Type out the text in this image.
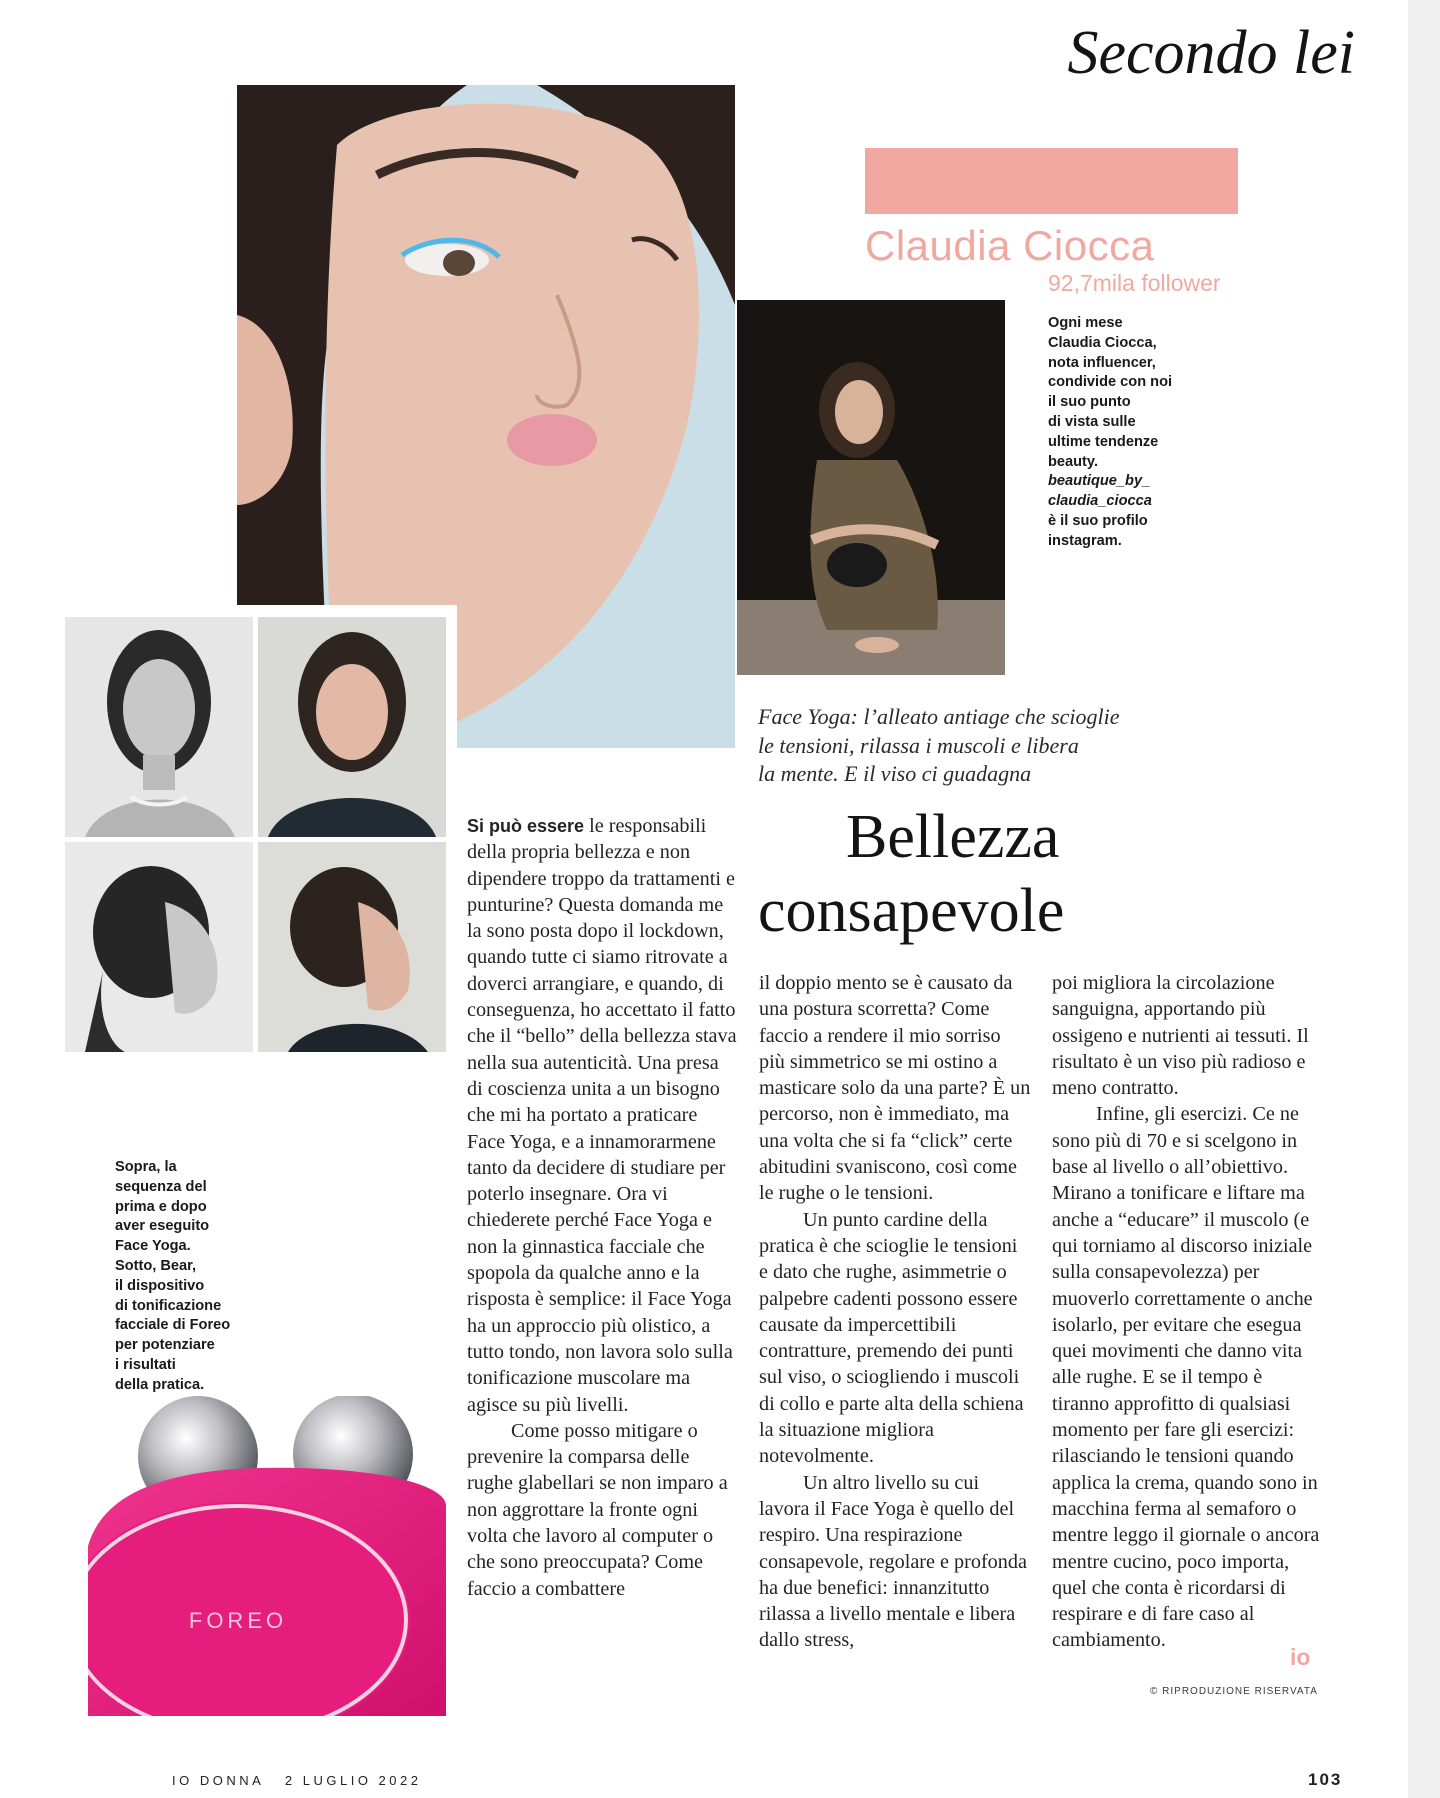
Secondo lei
Claudia Ciocca
92,7mila follower
Ogni mese
Claudia Ciocca,
nota influencer,
condivide con noi
il suo punto
di vista sulle
ultime tendenze
beauty.
beautique_by_
claudia_ciocca
è il suo profilo
instagram.
Sopra, la
sequenza del
prima e dopo
aver eseguito
Face Yoga.
Sotto, Bear,
il dispositivo
di tonificazione
facciale di Foreo
per potenziare
i risultati
della pratica.
FOREO
Face Yoga: l’alleato antiage che scioglie
le tensioni, rilassa i muscoli e libera
la mente. E il viso ci guadagna
Bellezza
consapevole

Si può essere le responsabili della propria bellezza e non dipendere troppo da trattamenti e punturine? Questa domanda me la sono posta dopo il lockdown, quando tutte ci siamo ritrovate a doverci arrangiare, e quando, di conseguenza, ho accettato il fatto che il “bello” della bellezza stava nella sua autenticità. Una presa di coscienza unita a un bisogno che mi ha portato a praticare Face Yoga, e a innamorarmene tanto da decidere di studiare per poterlo insegnare. Ora vi chiederete perché Face Yoga e non la ginnastica facciale che spopola da qualche anno e la risposta è semplice: il Face Yoga ha un approccio più olistico, a tutto tondo, non lavora solo sulla tonificazione muscolare ma agisce su più livelli.

Come posso mitigare o prevenire la comparsa delle rughe glabellari se non imparo a non aggrottare la fronte ogni volta che lavoro al computer o che sono preoccupata? Come faccio a combattere

il doppio mento se è causato da una postura scorretta? Come faccio a rendere il mio sorriso più simmetrico se mi ostino a masticare solo da una parte? È un percorso, non è immediato, ma una volta che si fa “click” certe abitudini svaniscono, così come le rughe o le tensioni.

Un punto cardine della pratica è che scioglie le tensioni e dato che rughe, asimmetrie o palpebre cadenti possono essere causate da impercettibili contratture, premendo dei punti sul viso, o sciogliendo i muscoli di collo e parte alta della schiena la situazione migliora notevolmente.

Un altro livello su cui lavora il Face Yoga è quello del respiro. Una respirazione consapevole, regolare e profonda ha due benefici: innanzitutto rilassa a livello mentale e libera dallo stress,

poi migliora la circolazione sanguigna, apportando più ossigeno e nutrienti ai tessuti. Il risultato è un viso più radioso e meno contratto.

Infine, gli esercizi. Ce ne sono più di 70 e si scelgono in base al livello o all’obiettivo. Mirano a tonificare e liftare ma anche a “educare” il muscolo (e qui torniamo al discorso iniziale sulla consapevolezza) per muoverlo correttamente o anche isolarlo, per evitare che esegua quei movimenti che danno vita alle rughe. E se il tempo è tiranno approfitto di qualsiasi momento per fare gli esercizi: rilasciando le tensioni quando applica la crema, quando sono in macchina ferma al semaforo o mentre leggo il giornale o ancora mentre cucino, poco importa, quel che conta è ricordarsi di respirare e di fare caso al cambiamento.

io
© RIPRODUZIONE RISERVATA
IO DONNA   2 LUGLIO 2022	103
